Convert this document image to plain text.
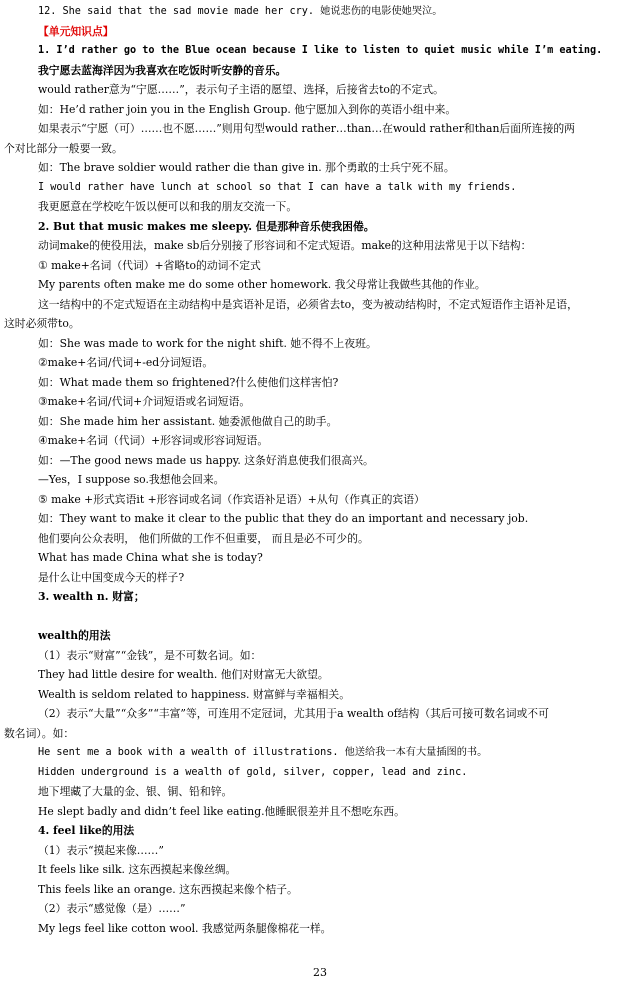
12. She said that the sad movie made her cry. 她说悲伤的电影使她哭泣。
【单元知识点】
1. I’d rather go to the Blue ocean because I like to listen to quiet music while I’m eating.
我宁愿去蓝海洋因为我喜欢在吃饭时听安静的音乐。
would rather意为“宁愿……”，表示句子主语的愿望、选择，后接省去to的不定式。
如：He’d rather join you in the English Group. 他宁愿加入到你的英语小组中来。
如果表示“宁愿（可）……也不愿……”则用句型would rather…than…在would rather和than后面所连接的两
个对比部分一般要一致。
如：The brave soldier would rather die than give in. 那个勇敢的士兵宁死不屈。
I would rather have lunch at school so that I can have a talk with my friends.
我更愿意在学校吃午饭以便可以和我的朋友交流一下。
2. But that music makes me sleepy. 但是那种音乐使我困倦。
动词make的使役用法，make sb后分别接了形容词和不定式短语。make的这种用法常见于以下结构：
① make+名词（代词）+省略to的动词不定式
My parents often make me do some other homework. 我父母常让我做些其他的作业。
这一结构中的不定式短语在主动结构中是宾语补足语，必须省去to，变为被动结构时，不定式短语作主语补足语，
这时必须带to。
如：She was made to work for the night shift. 她不得不上夜班。
②make+名词/代词+-ed分词短语。
如：What made them so frightened?什么使他们这样害怕?
③make+名词/代词+介词短语或名词短语。
如：She made him her assistant. 她委派他做自己的助手。
④make+名词（代词）+形容词或形容词短语。
如：—The good news made us happy. 这条好消息使我们很高兴。
—Yes，I suppose so.我想他会回来。
⑤ make +形式宾语it +形容词或名词（作宾语补足语）+从句（作真正的宾语）
如：They want to make it clear to the public that they do an important and necessary job.
他们要向公众表明， 他们所做的工作不但重要， 而且是必不可少的。
What has made China what she is today?
是什么让中国变成今天的样子?
3. wealth n. 财富；
wealth的用法
（1）表示“财富”“金钱”，是不可数名词。如：
They had little desire for wealth. 他们对财富无大欲望。
Wealth is seldom related to happiness. 财富鲜与幸福相关。
（2）表示“大量”“众多”“丰富”等，可连用不定冠词，尤其用于a wealth of结构（其后可接可数名词或不可
数名词）。如：
He sent me a book with a wealth of illustrations. 他送给我一本有大量插图的书。
Hidden underground is a wealth of gold, silver, copper, lead and zinc.
地下埋藏了大量的金、银、铜、铅和锌。
He slept badly and didn’t feel like eating.他睡眠很差并且不想吃东西。
4. feel like的用法
（1）表示“摸起来像……”
It feels like silk. 这东西摸起来像丝绸。
This feels like an orange. 这东西摸起来像个桔子。
（2）表示“感觉像（是）……”
My legs feel like cotton wool. 我感觉两条腿像棉花一样。
23
